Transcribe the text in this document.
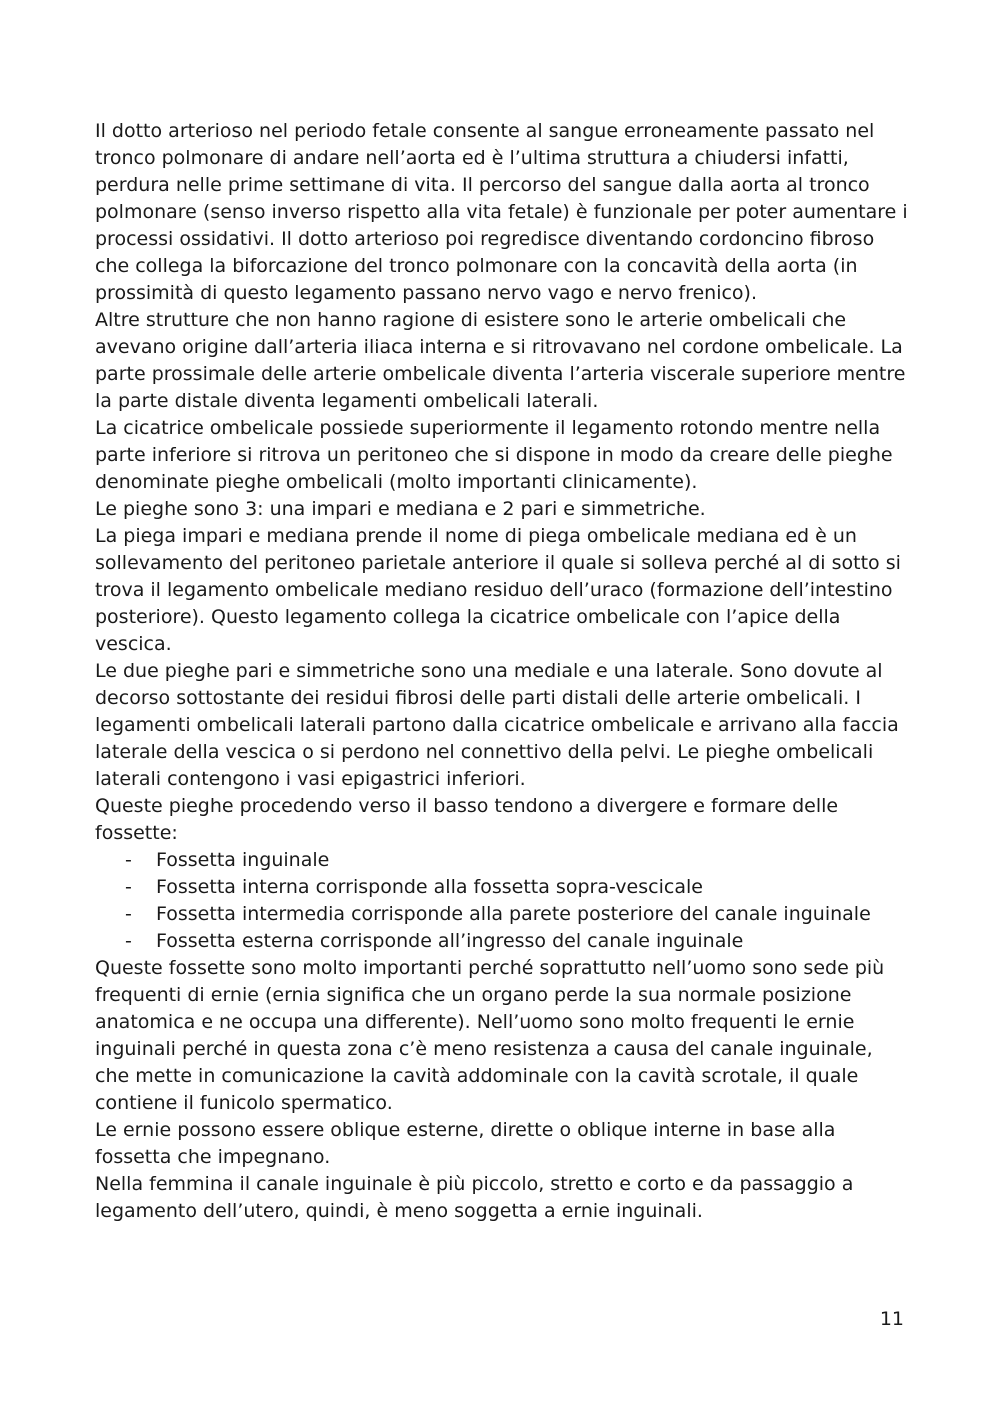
Il dotto arterioso nel periodo fetale consente al sangue erroneamente passato nel tronco polmonare di andare nell’aorta ed è l’ultima struttura a chiudersi infatti, perdura nelle prime settimane di vita. Il percorso del sangue dalla aorta al tronco polmonare (senso inverso rispetto alla vita fetale) è funzionale per poter aumentare i processi ossidativi. Il dotto arterioso poi regredisce diventando cordoncino fibroso che collega la biforcazione del tronco polmonare con la concavità della aorta (in prossimità di questo legamento passano nervo vago e nervo frenico).

Altre strutture che non hanno ragione di esistere sono le arterie ombelicali che avevano origine dall’arteria iliaca interna e si ritrovavano nel cordone ombelicale. La parte prossimale delle arterie ombelicale diventa l’arteria viscerale superiore mentre la parte distale diventa legamenti ombelicali laterali.

La cicatrice ombelicale possiede superiormente il legamento rotondo mentre nella parte inferiore si ritrova un peritoneo che si dispone in modo da creare delle pieghe denominate pieghe ombelicali (molto importanti clinicamente).

Le pieghe sono 3: una impari e mediana e 2 pari e simmetriche.

La piega impari e mediana prende il nome di piega ombelicale mediana ed è un sollevamento del peritoneo parietale anteriore il quale si solleva perché al di sotto si trova il legamento ombelicale mediano residuo dell’uraco (formazione dell’intestino posteriore). Questo legamento collega la cicatrice ombelicale con l’apice della vescica.

Le due pieghe pari e simmetriche sono una mediale e una laterale. Sono dovute al decorso sottostante dei residui fibrosi delle parti distali delle arterie ombelicali. I legamenti ombelicali laterali partono dalla cicatrice ombelicale e arrivano alla faccia laterale della vescica o si perdono nel connettivo della pelvi. Le pieghe ombelicali laterali contengono i vasi epigastrici inferiori.

Queste pieghe procedendo verso il basso tendono a divergere e formare delle fossette:

- Fossetta inguinale
- Fossetta interna corrisponde alla fossetta sopra-vescicale
- Fossetta intermedia corrisponde alla parete posteriore del canale inguinale
- Fossetta esterna corrisponde all’ingresso del canale inguinale

Queste fossette sono molto importanti perché soprattutto nell’uomo sono sede più frequenti di ernie (ernia significa che un organo perde la sua normale posizione anatomica e ne occupa una differente). Nell’uomo sono molto frequenti le ernie inguinali perché in questa zona c’è meno resistenza a causa del canale inguinale, che mette in comunicazione la cavità addominale con la cavità scrotale, il quale contiene il funicolo spermatico.

Le ernie possono essere oblique esterne, dirette o oblique interne in base alla fossetta che impegnano.

Nella femmina il canale inguinale è più piccolo, stretto e corto e da passaggio a legamento dell’utero, quindi, è meno soggetta a ernie inguinali.

11
